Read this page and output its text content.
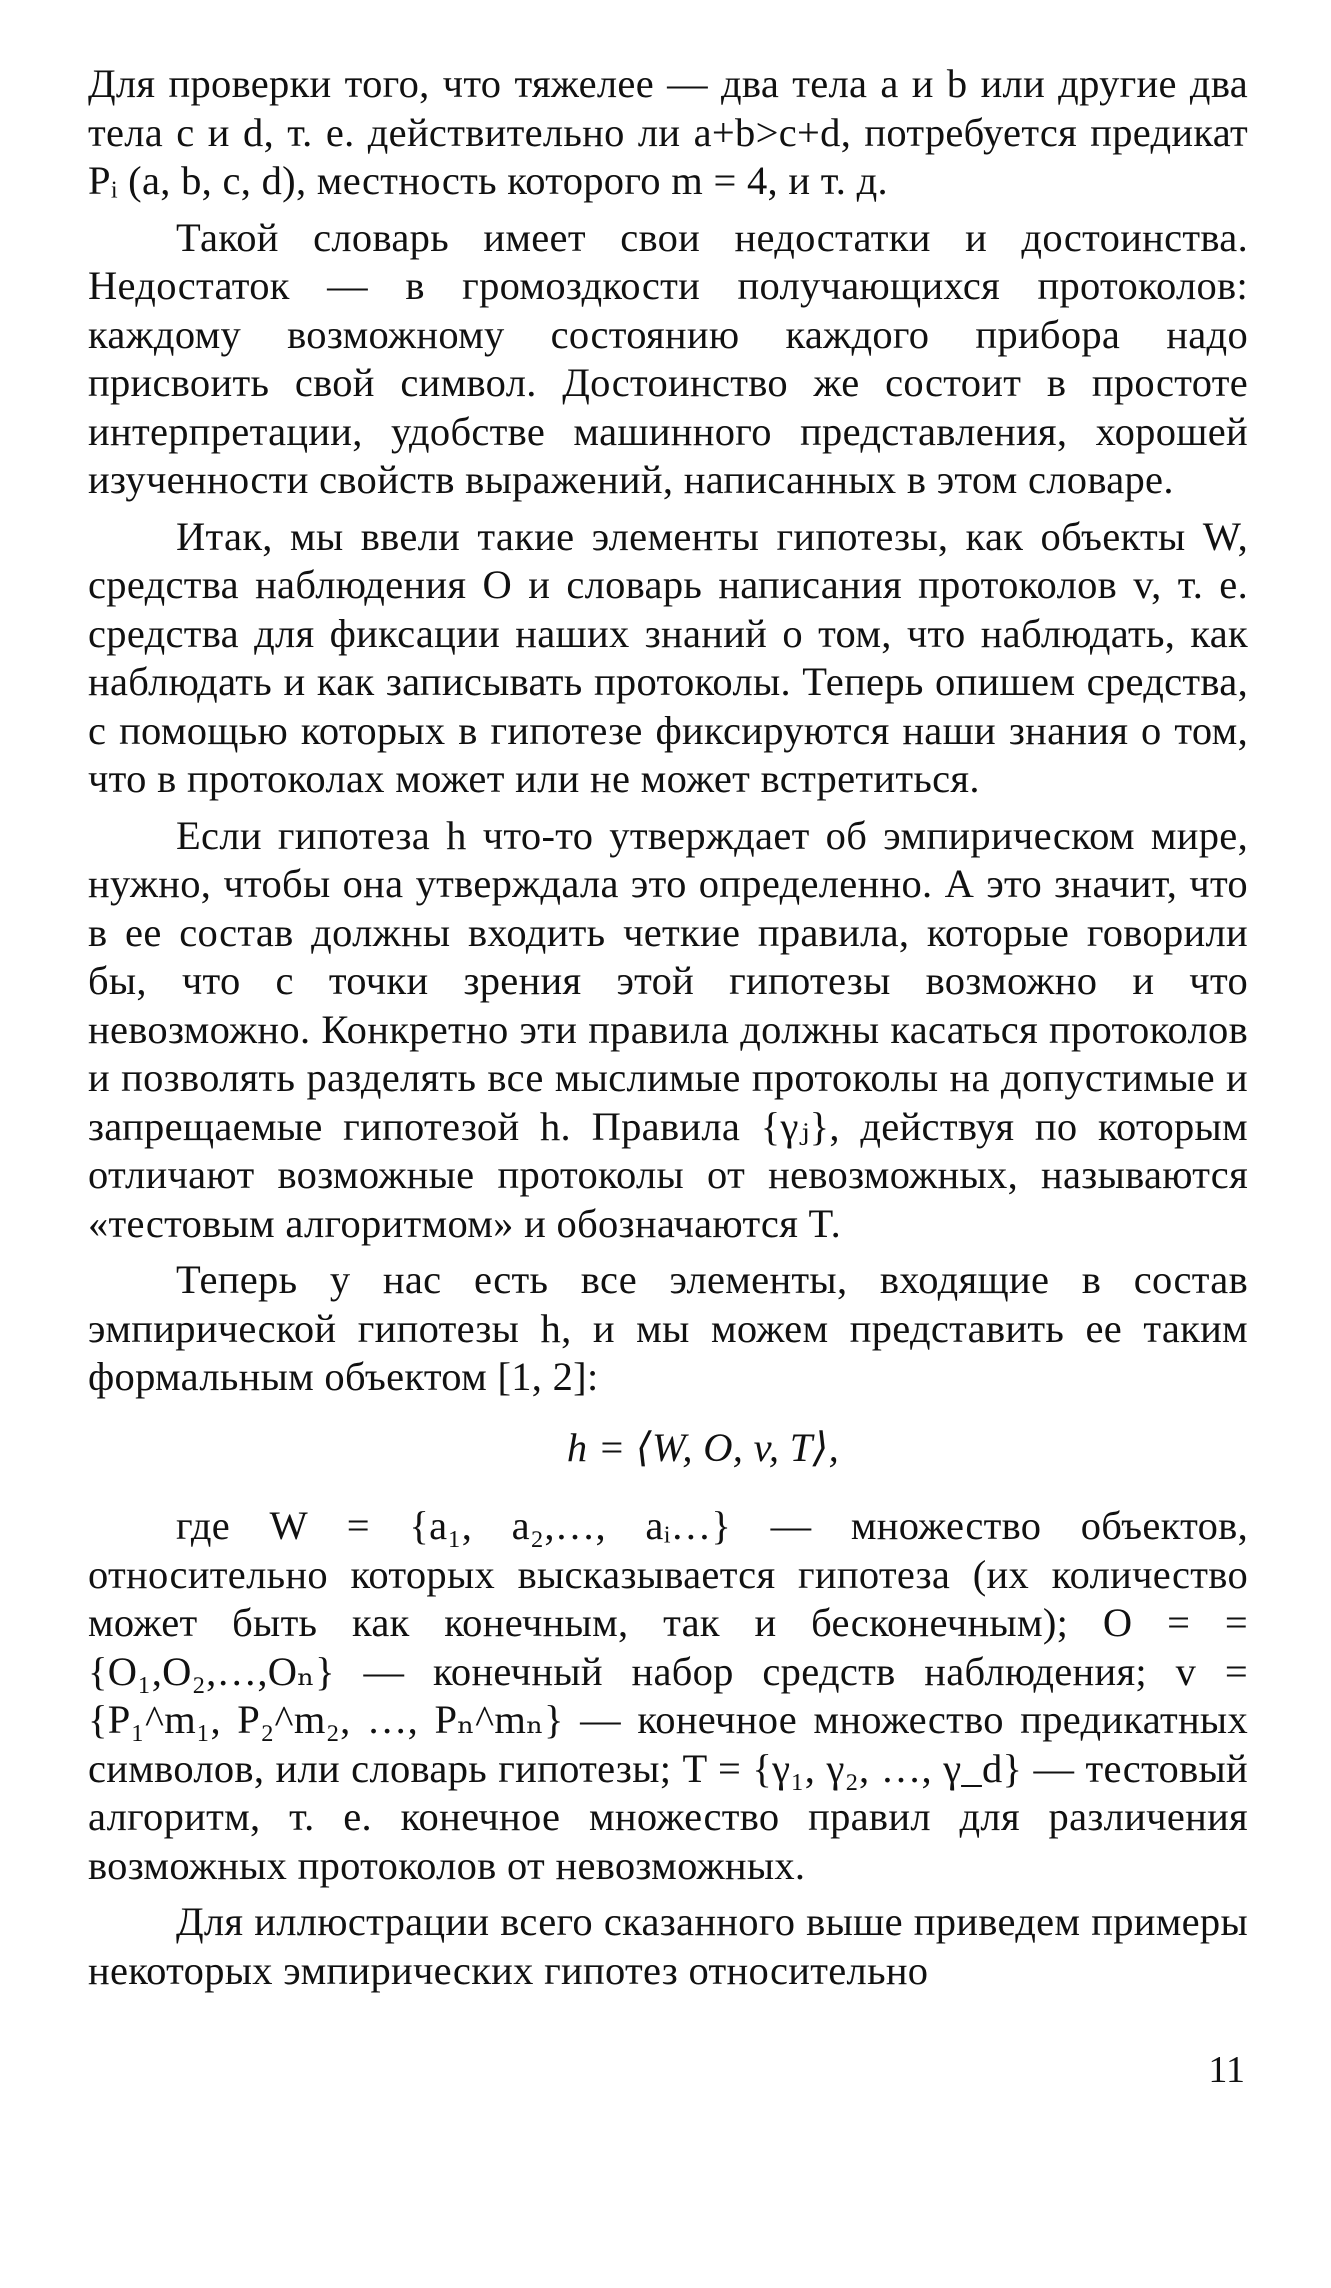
Для проверки того, что тяжелее — два тела a и b или другие два тела c и d, т. е. действительно ли a+b>c+d, потребуется предикат Pᵢ (a, b, c, d), местность которого m = 4, и т. д.

Такой словарь имеет свои недостатки и достоинства. Недостаток — в громоздкости получающихся протоколов: каждому возможному состоянию каждого прибора надо присвоить свой символ. Достоинство же состоит в простоте интерпретации, удобстве машинного представления, хорошей изученности свойств выражений, написанных в этом словаре.

Итак, мы ввели такие элементы гипотезы, как объекты W, средства наблюдения O и словарь написания протоколов v, т. е. средства для фиксации наших знаний о том, что наблюдать, как наблюдать и как записывать протоколы. Теперь опишем средства, с помощью которых в гипотезе фиксируются наши знания о том, что в протоколах может или не может встретиться.

Если гипотеза h что-то утверждает об эмпирическом мире, нужно, чтобы она утверждала это определенно. А это значит, что в ее состав должны входить четкие правила, которые говорили бы, что с точки зрения этой гипотезы возможно и что невозможно. Конкретно эти правила должны касаться протоколов и позволять разделять все мыслимые протоколы на допустимые и запрещаемые гипотезой h. Правила {γⱼ}, действуя по которым отличают возможные протоколы от невозможных, называются «тестовым алгоритмом» и обозначаются T.

Теперь у нас есть все элементы, входящие в состав эмпирической гипотезы h, и мы можем представить ее таким формальным объектом [1, 2]:

h = ⟨W, O, v, T⟩,

где W = {a₁, a₂,…, aᵢ…} — множество объектов, относительно которых высказывается гипотеза (их количество может быть как конечным, так и бесконечным); O = = {O₁,O₂,…,Oₙ} — конечный набор средств наблюдения; v = {P₁^m₁, P₂^m₂, …, Pₙ^mₙ} — конечное множество предикатных символов, или словарь гипотезы; T = {γ₁, γ₂, …, γ_d} — тестовый алгоритм, т. е. конечное множество правил для различения возможных протоколов от невозможных.

Для иллюстрации всего сказанного выше приведем примеры некоторых эмпирических гипотез относительно

11
